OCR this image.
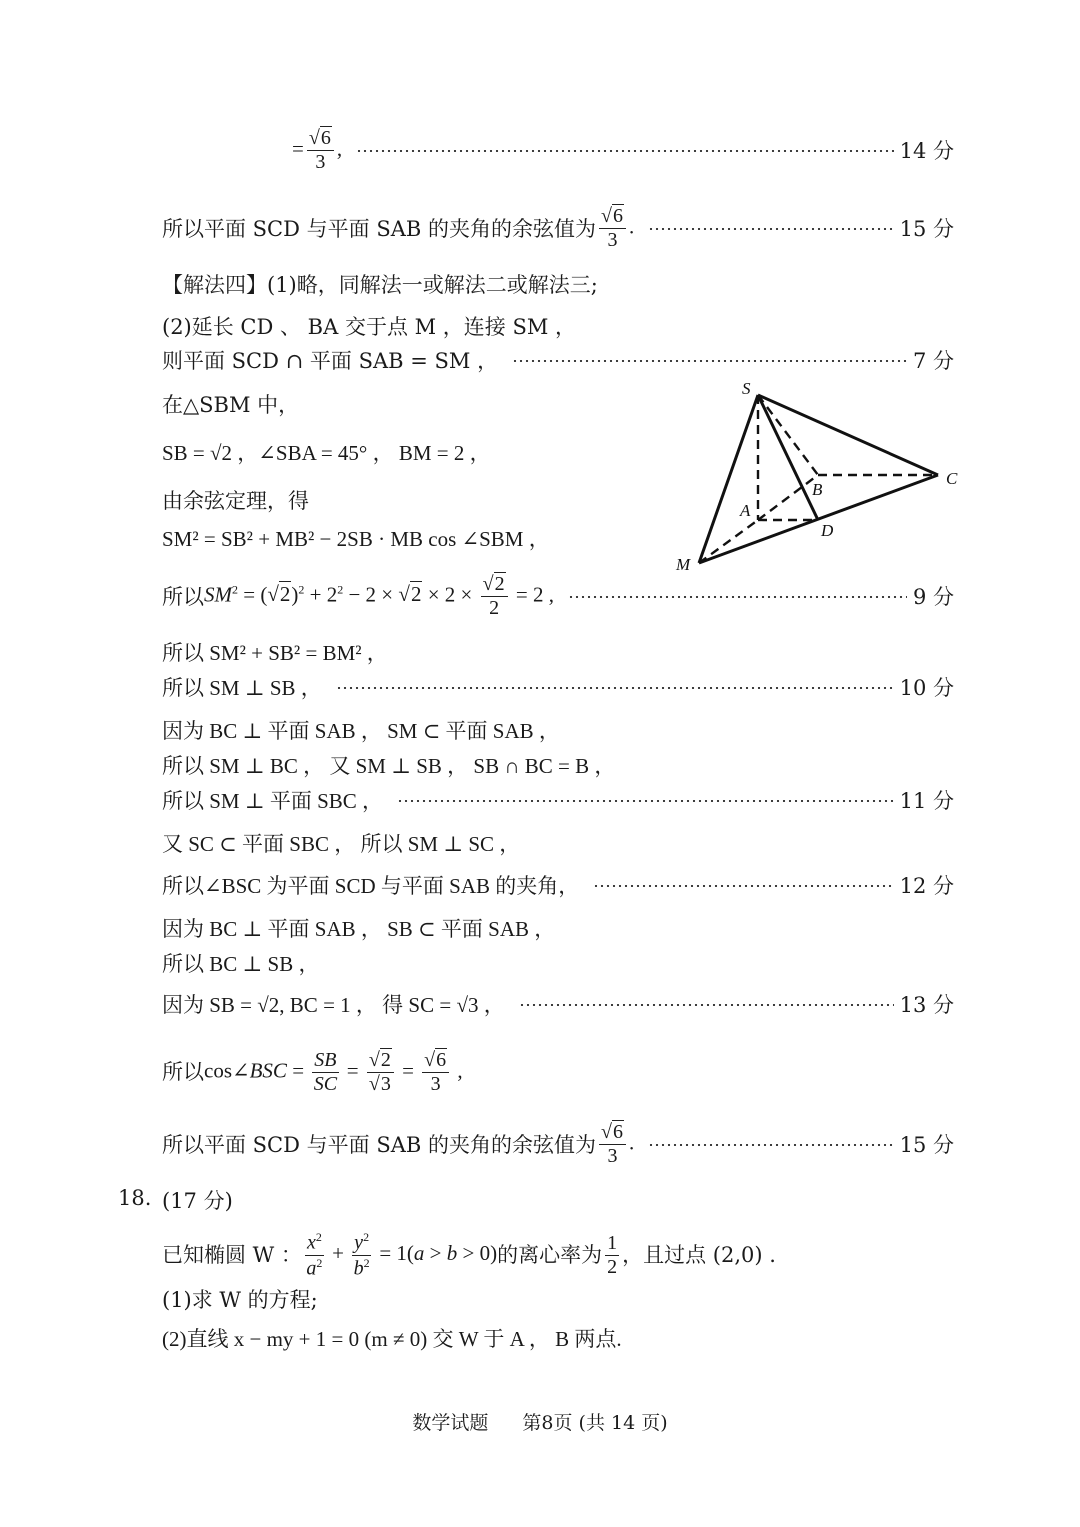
= $\frac{√6}{3}$ ,	14 分
所以平面 SCD 与平面 SAB 的夹角的余弦值为 $\frac{√6}{3}$ .	15 分
【解法四】(1)略，同解法一或解法二或解法三;
(2)延长 CD 、 BA 交于点 M ，连接 SM ，
则平面 SCD ∩ 平面 SAB = SM ，	7 分
在△SBM 中，
SB = √2 ，∠SBA = 45° ， BM = 2 ，
由余弦定理，得
SM² = SB² + MB² − 2SB · MB cos ∠SBM ，
所以 $SM^2 = (√2)^2 + 2^2 - 2 \times √2 \times 2 \times \frac{√2}{2} = 2$ ,	9 分
所以 SM² + SB² = BM² ，
所以 SM ⊥ SB ，	10 分
因为 BC ⊥ 平面 SAB ， SM ⊂ 平面 SAB ，
所以 SM ⊥ BC ， 又 SM ⊥ SB ， SB ∩ BC = B ，
所以 SM ⊥ 平面 SBC ，	11 分
又 SC ⊂ 平面 SBC ， 所以 SM ⊥ SC ，
所以∠BSC 为平面 SCD 与平面 SAB 的夹角，	12 分
因为 BC ⊥ 平面 SAB ， SB ⊂ 平面 SAB ，
所以 BC ⊥ SB ，
因为 SB = √2, BC = 1 ， 得 SC = √3 ，	13 分
所以 cos∠BSC = $\frac{SB}{SC} = \frac{√2}{√3} = \frac{√6}{3}$ ,
所以平面 SCD 与平面 SAB 的夹角的余弦值为 $\frac{√6}{3}$ .	15 分
18. (17 分)
已知椭圆 W ： $\frac{x^2}{a^2} + \frac{y^2}{b^2} = 1(a > b > 0)$ 的离心率为 $\frac{1}{2}$ ，且过点 (2,0) .
(1)求 W 的方程;
(2)直线 x − my + 1 = 0 (m ≠ 0) 交 W 于 A ， B 两点.
S
A
B
C
D
M
数学试题 第8页 (共 14 页)
